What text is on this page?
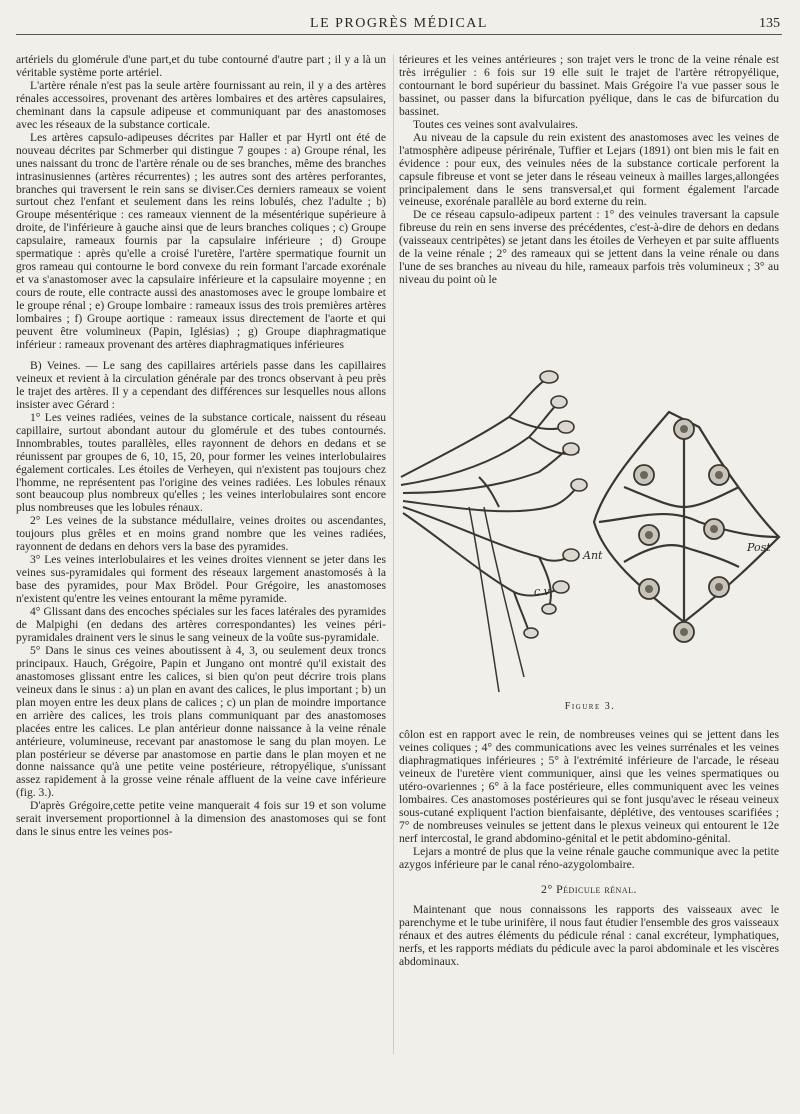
LE PROGRÈS MÉDICAL	135

artériels du glomérule d'une part,et du tube contourné d'autre part ; il y a là un véritable système porte artériel.

L'artère rénale n'est pas la seule artère fournissant au rein, il y a des artères rénales accessoires, provenant des artères lombaires et des artères capsulaires, cheminant dans la capsule adipeuse et communiquant par des anastomoses avec les réseaux de la substance corticale.

Les artères capsulo-adipeuses décrites par Haller et par Hyrtl ont été de nouveau décrites par Schmerber qui distingue 7 goupes : a) Groupe rénal, les unes naissant du tronc de l'artère rénale ou de ses branches, même des branches intrasinusiennes (artères récurrentes) ; les autres sont des artères perforantes, branches qui traversent le rein sans se diviser.Ces derniers rameaux se voient surtout chez l'enfant et seulement dans les reins lobulés, chez l'adulte ; b) Groupe mésentérique : ces rameaux viennent de la mésentérique supérieure à droite, de l'inférieure à gauche ainsi que de leurs branches coliques ; c) Groupe capsulaire, rameaux fournis par la capsulaire inférieure ; d) Groupe spermatique : après qu'elle a croisé l'uretère, l'artère spermatique fournit un gros rameau qui contourne le bord convexe du rein formant l'arcade exorénale et va s'anastomoser avec la capsulaire inférieure et la capsulaire moyenne ; en cours de route, elle contracte aussi des anastomoses avec le groupe lombaire et le groupe rénal ; e) Groupe lombaire : rameaux issus des trois premières artères lombaires ; f) Groupe aortique : rameaux issus directement de l'aorte et qui peuvent être volumineux (Papin, Iglésias) ; g) Groupe diaphragmatique inférieur : rameaux provenant des artères diaphragmatiques inférieures

B) Veines. — Le sang des capillaires artériels passe dans les capillaires veineux et revient à la circulation générale par des troncs observant à peu près le trajet des artères. Il y a cependant des différences sur lesquelles nous allons insister avec Gérard :

1° Les veines radiées, veines de la substance corticale, naissent du réseau capillaire, surtout abondant autour du glomérule et des tubes contournés. Innombrables, toutes parallèles, elles rayonnent de dehors en dedans et se réunissent par groupes de 6, 10, 15, 20, pour former les veines interlobulaires également corticales. Les étoiles de Verheyen, qui n'existent pas toujours chez l'homme, ne représentent pas l'origine des veines radiées. Les lobules rénaux sont beaucoup plus nombreux qu'elles ; les veines interlobulaires sont encore plus nombreuses que les lobules rénaux.

2° Les veines de la substance médullaire, veines droites ou ascendantes, toujours plus grêles et en moins grand nombre que les veines radiées, rayonnent de dedans en dehors vers la base des pyramides.

3° Les veines interlobulaires et les veines droites viennent se jeter dans les veines sus-pyramidales qui forment des réseaux largement anastomosés à la base des pyramides, pour Max Brödel. Pour Grégoire, les anastomoses n'existent qu'entre les veines entourant la même pyramide.

4° Glissant dans des encoches spéciales sur les faces latérales des pyramides de Malpighi (en dedans des artères correspondantes) les veines péri-pyramidales drainent vers le sinus le sang veineux de la voûte sus-pyramidale.

5° Dans le sinus ces veines aboutissent à 4, 3, ou seulement deux troncs principaux. Hauch, Grégoire, Papin et Jungano ont montré qu'il existait des anastomoses glissant entre les calices, si bien qu'on peut décrire trois plans veineux dans le sinus : a) un plan en avant des calices, le plus important ; b) un plan moyen entre les deux plans de calices ; c) un plan de moindre importance en arrière des calices, les trois plans communiquant par des anastomoses placées entre les calices. Le plan antérieur donne naissance à la veine rénale antérieure, volumineuse, recevant par anastomose le sang du plan moyen. Le plan postérieur se déverse par anastomose en partie dans le plan moyen et ne donne naissance qu'à une petite veine postérieure, rétropyélique, s'unissant assez rapidement à la grosse veine rénale affluent de la veine cave inférieure (fig. 3.).

D'après Grégoire,cette petite veine manquerait 4 fois sur 19 et son volume serait inversement proportionnel à la dimension des anastomoses qui se font dans le sinus entre les veines pos-

térieures et les veines antérieures ; son trajet vers le tronc de la veine rénale est très irrégulier : 6 fois sur 19 elle suit le trajet de l'artère rétropyélique, contournant le bord supérieur du bassinet. Mais Grégoire l'a vue passer sous le bassinet, ou passer dans la bifurcation pyélique, dans le cas de bifurcation du bassinet.

Toutes ces veines sont avalvulaires.

Au niveau de la capsule du rein existent des anastomoses avec les veines de l'atmosphère adipeuse périrénale, Tuffier et Lejars (1891) ont bien mis le fait en évidence : pour eux, des veinules nées de la substance corticale perforent la capsule fibreuse et vont se jeter dans le réseau veineux à mailles larges,allongées principalement dans le sens transversal,et qui forment également l'arcade veineuse, exorénale parallèle au bord externe du rein.

De ce réseau capsulo-adipeux partent : 1° des veinules traversant la capsule fibreuse du rein en sens inverse des précédentes, c'est-à-dire de dehors en dedans (vaisseaux centripètes) se jetant dans les étoiles de Verheyen et par suite affluents de la veine rénale ; 2° des rameaux qui se jettent dans la veine rénale ou dans l'une de ses branches au niveau du hile, rameaux parfois très volumineux ; 3° au niveau du point où le

c.v
Ant
Post
Figure 3.

côlon est en rapport avec le rein, de nombreuses veines qui se jettent dans les veines coliques ; 4° des communications avec les veines surrénales et les veines diaphragmatiques inférieures ; 5° à l'extrémité inférieure de l'arcade, le réseau veineux de l'uretère vient communiquer, ainsi que les veines spermatiques ou utéro-ovariennes ; 6° à la face postérieure, elles communiquent avec les veines lombaires. Ces anastomoses postérieures qui se font jusqu'avec le réseau veineux sous-cutané expliquent l'action bienfaisante, déplétive, des ventouses scarifiées ; 7° de nombreuses veinules se jettent dans le plexus veineux qui entourent le 12e nerf intercostal, le grand abdomino-génital et le petit abdomino-génital.

Lejars a montré de plus que la veine rénale gauche communique avec la petite azygos inférieure par le canal réno-azygolombaire.

2° Pédicule rénal.

Maintenant que nous connaissons les rapports des vaisseaux avec le parenchyme et le tube urinifère, il nous faut étudier l'ensemble des gros vaisseaux rénaux et des autres éléments du pédicule rénal : canal excréteur, lymphatiques, nerfs, et les rapports médiats du pédicule avec la paroi abdominale et les viscères abdominaux.
